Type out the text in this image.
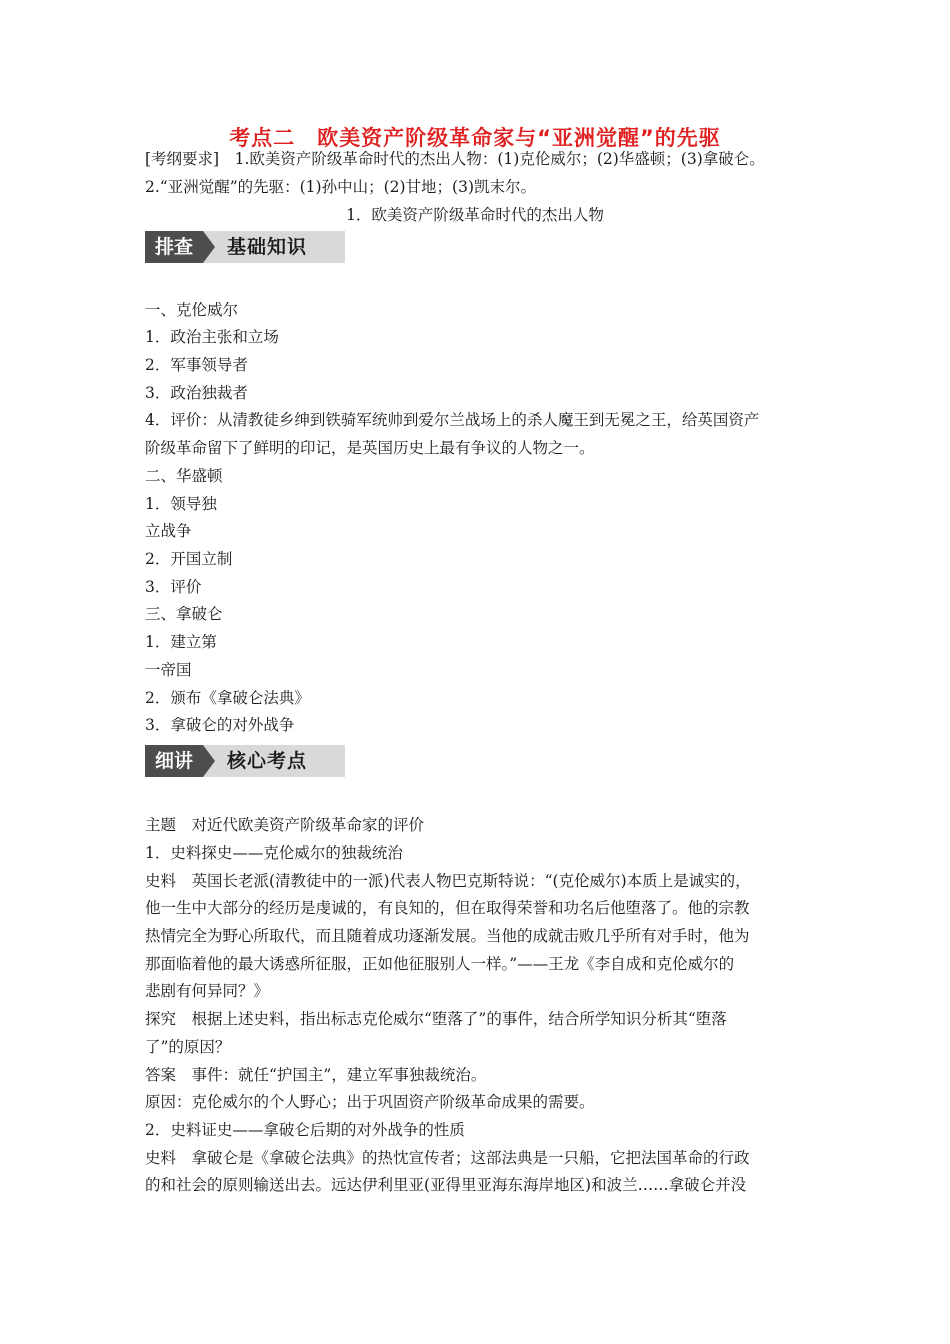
考点二　欧美资产阶级革命家与“亚洲觉醒”的先驱
[考纲要求]　1.欧美资产阶级革命时代的杰出人物：(1)克伦威尔；(2)华盛顿；(3)拿破仑。
2.“亚洲觉醒”的先驱：(1)孙中山；(2)甘地；(3)凯末尔。
1．欧美资产阶级革命时代的杰出人物
排查	基础知识
一、克伦威尔
1．政治主张和立场
2．军事领导者
3．政治独裁者
4．评价：从清教徒乡绅到铁骑军统帅到爱尔兰战场上的杀人魔王到无冕之王，给英国资产
阶级革命留下了鲜明的印记，是英国历史上最有争议的人物之一。
二、华盛顿
1．领导独
立战争
2．开国立制
3．评价
三、拿破仑
1．建立第
一帝国
2．颁布《拿破仑法典》
3．拿破仑的对外战争
细讲	核心考点
主题　对近代欧美资产阶级革命家的评价
1．史料探史——克伦威尔的独裁统治
史料　英国长老派(清教徒中的一派)代表人物巴克斯特说：“(克伦威尔)本质上是诚实的，
他一生中大部分的经历是虔诚的，有良知的，但在取得荣誉和功名后他堕落了。他的宗教
热情完全为野心所取代，而且随着成功逐渐发展。当他的成就击败几乎所有对手时，他为
那面临着他的最大诱惑所征服，正如他征服别人一样。”——王龙《李自成和克伦威尔的
悲剧有何异同？》
探究　根据上述史料，指出标志克伦威尔“堕落了”的事件，结合所学知识分析其“堕落
了”的原因？
答案　事件：就任“护国主”，建立军事独裁统治。
原因：克伦威尔的个人野心；出于巩固资产阶级革命成果的需要。
2．史料证史——拿破仑后期的对外战争的性质
史料　拿破仑是《拿破仑法典》的热忱宣传者；这部法典是一只船，它把法国革命的行政
的和社会的原则输送出去。远达伊利里亚(亚得里亚海东海岸地区)和波兰……拿破仑并没
